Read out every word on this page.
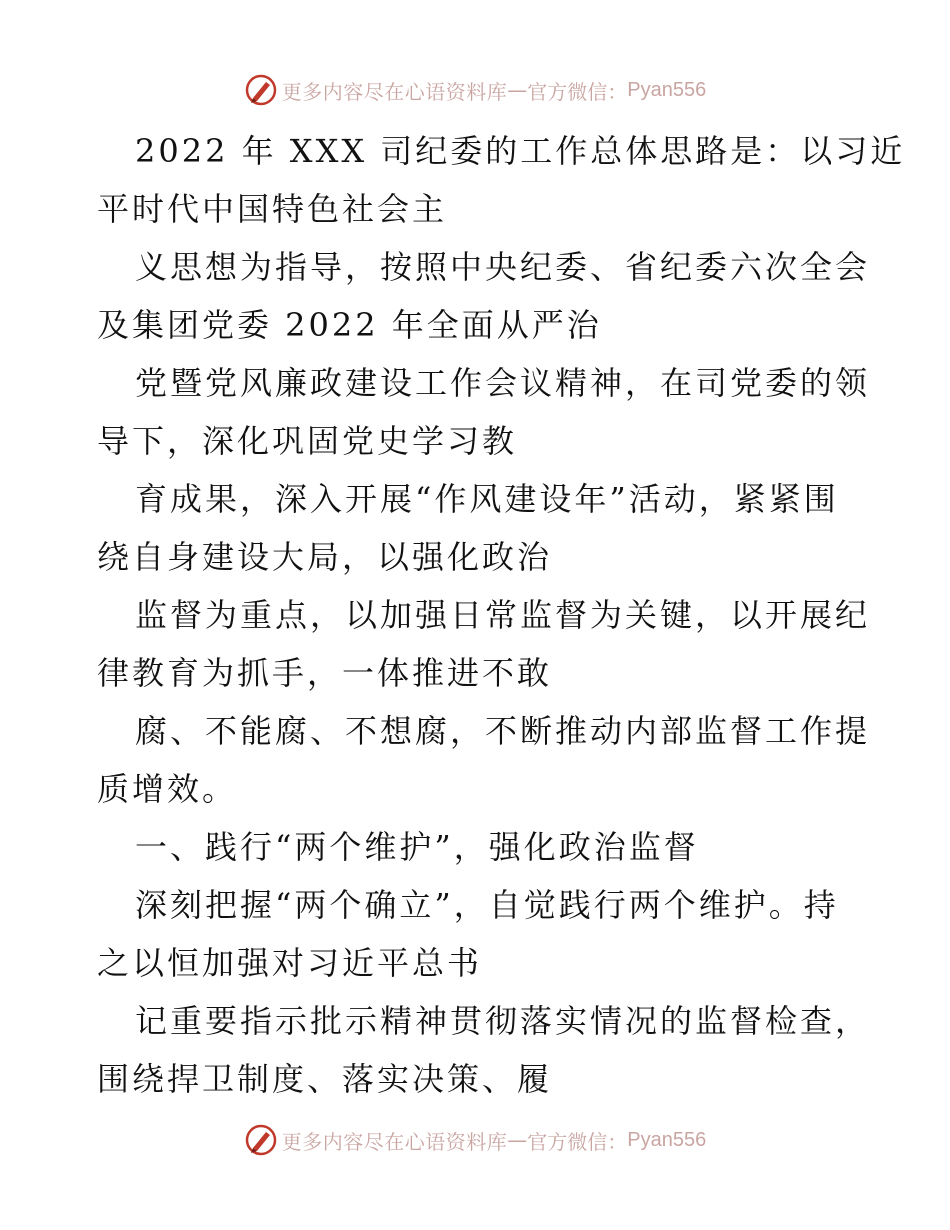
更多内容尽在心语资料库 — 官方微信： Pyan556

2022 年 XXX 司纪委的工作总体思路是：以习近
平时代中国特色社会主
义思想为指导，按照中央纪委、省纪委六次全会
及集团党委 2022 年全面从严治
党暨党风廉政建设工作会议精神，在司党委的领
导下，深化巩固党史学习教
育成果，深入开展“作风建设年”活动，紧紧围
绕自身建设大局，以强化政治
监督为重点，以加强日常监督为关键，以开展纪
律教育为抓手，一体推进不敢
腐、不能腐、不想腐，不断推动内部监督工作提
质增效。

一、践行“两个维护”，强化政治监督

深刻把握“两个确立”，自觉践行两个维护。持
之以恒加强对习近平总书
记重要指示批示精神贯彻落实情况的监督检查，
围绕捍卫制度、落实决策、履

更多内容尽在心语资料库 — 官方微信： Pyan556
